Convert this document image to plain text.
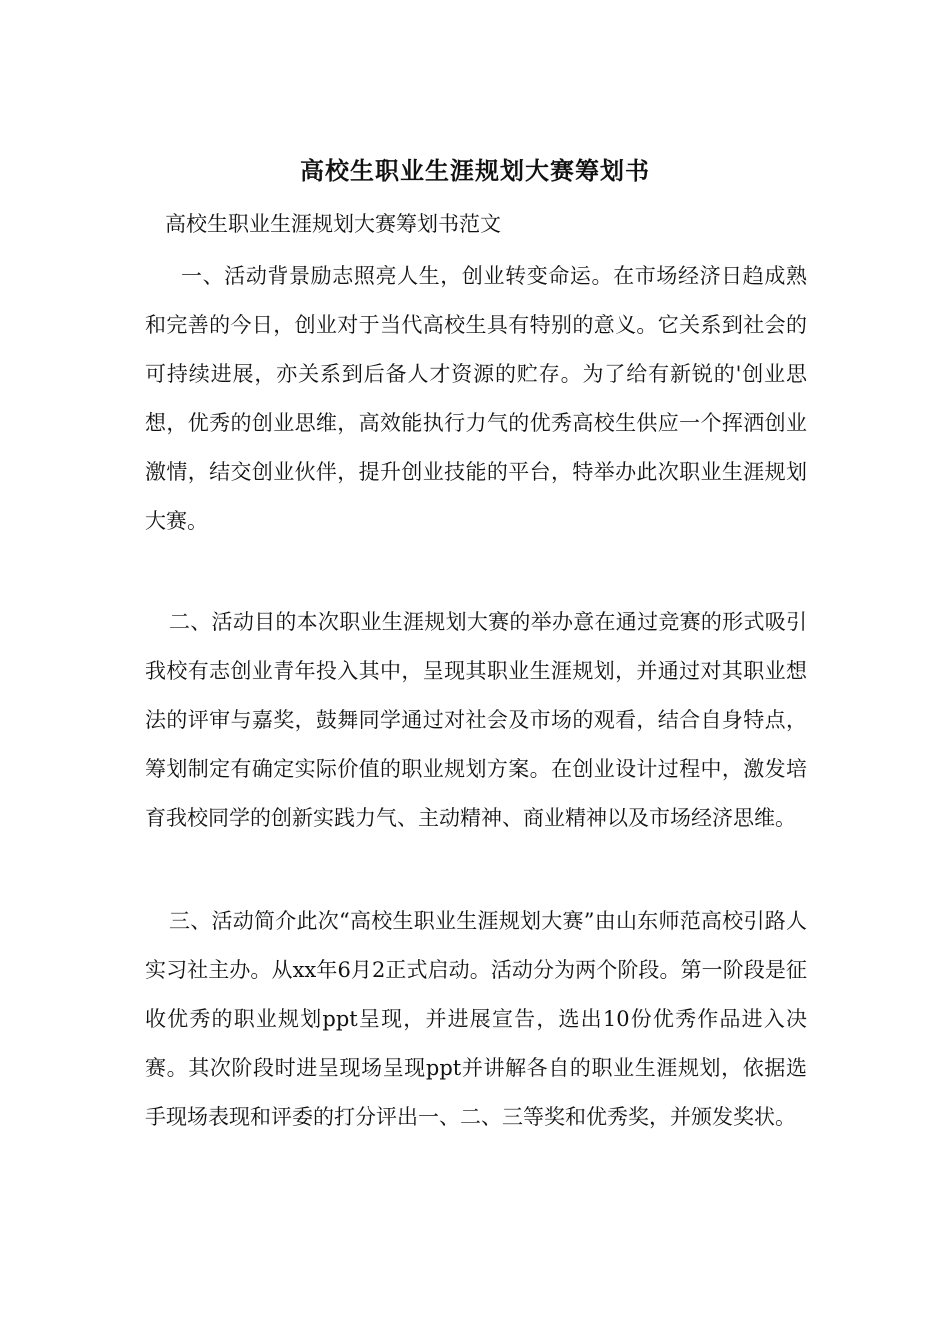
高校生职业生涯规划大赛筹划书
高校生职业生涯规划大赛筹划书范文

一、活动背景励志照亮人生，创业转变命运。在市场经济日趋成熟和完善的今日，创业对于当代高校生具有特别的意义。它关系到社会的可持续进展，亦关系到后备人才资源的贮存。为了给有新锐的'创业思想，优秀的创业思维，高效能执行力气的优秀高校生供应一个挥洒创业激情，结交创业伙伴，提升创业技能的平台，特举办此次职业生涯规划大赛。

二、活动目的本次职业生涯规划大赛的举办意在通过竞赛的形式吸引我校有志创业青年投入其中，呈现其职业生涯规划，并通过对其职业想法的评审与嘉奖，鼓舞同学通过对社会及市场的观看，结合自身特点，筹划制定有确定实际价值的职业规划方案。在创业设计过程中，激发培育我校同学的创新实践力气、主动精神、商业精神以及市场经济思维。

三、活动简介此次“高校生职业生涯规划大赛”由山东师范高校引路人实习社主办。从xx年6月2正式启动。活动分为两个阶段。第一阶段是征收优秀的职业规划ppt呈现，并进展宣告，选出10份优秀作品进入决赛。其次阶段时进呈现场呈现ppt并讲解各自的职业生涯规划，依据选手现场表现和评委的打分评出一、二、三等奖和优秀奖，并颁发奖状。
